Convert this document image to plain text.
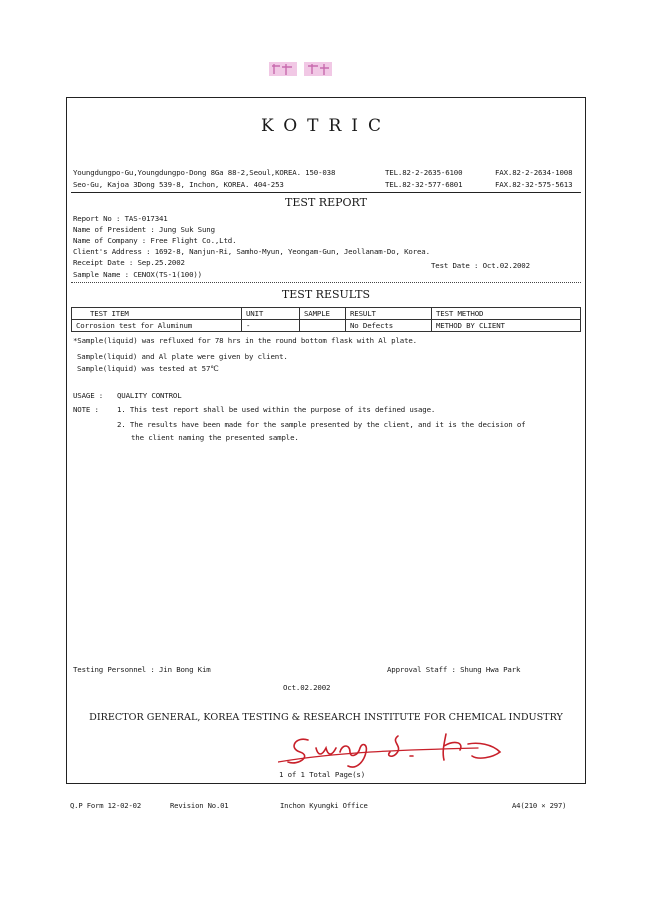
KOTRIC
Youngdungpo-Gu,Youngdungpo-Dong 8Ga 88-2,Seoul,KOREA. 150-038	TEL.82-2-2635-6100	FAX.82-2-2634-1008
Seo-Gu, Kajoa 3Dong 539-8, Inchon, KOREA. 404-253	TEL.82-32-577-6801	FAX.82-32-575-5613
TEST REPORT
Report No : TAS-017341
Name of President : Jung Suk Sung
Name of Company : Free Flight Co.,Ltd.
Client's Address : 1692-8, Nanjun-Ri, Samho-Myun, Yeongam-Gun, Jeollanam-Do, Korea.
Receipt Date : Sep.25.2002	Test Date : Oct.02.2002
Sample Name : CENOX(TS-1(100))
TEST RESULTS
TEST ITEM	UNIT	SAMPLE	RESULT	TEST METHOD
Corrosion test for Aluminum	-		No Defects	METHOD BY CLIENT
*Sample(liquid) was refluxed for 78 hrs in the round bottom flask with Al plate.
Sample(liquid) and Al plate were given by client.
Sample(liquid) was tested at 57℃
USAGE : QUALITY CONTROL
NOTE : 1. This test report shall be used within the purpose of its defined usage.
2. The results have been made for the sample presented by the client, and it is the decision of
the client naming the presented sample.
Testing Personnel : Jin Bong Kim	Approval Staff : Shung Hwa Park
Oct.02.2002
DIRECTOR GENERAL, KOREA TESTING & RESEARCH INSTITUTE FOR CHEMICAL INDUSTRY
1 of 1 Total Page(s)
Q.P Form 12-02-02	Revision No.01	Inchon Kyungki Office	A4(210 × 297)
